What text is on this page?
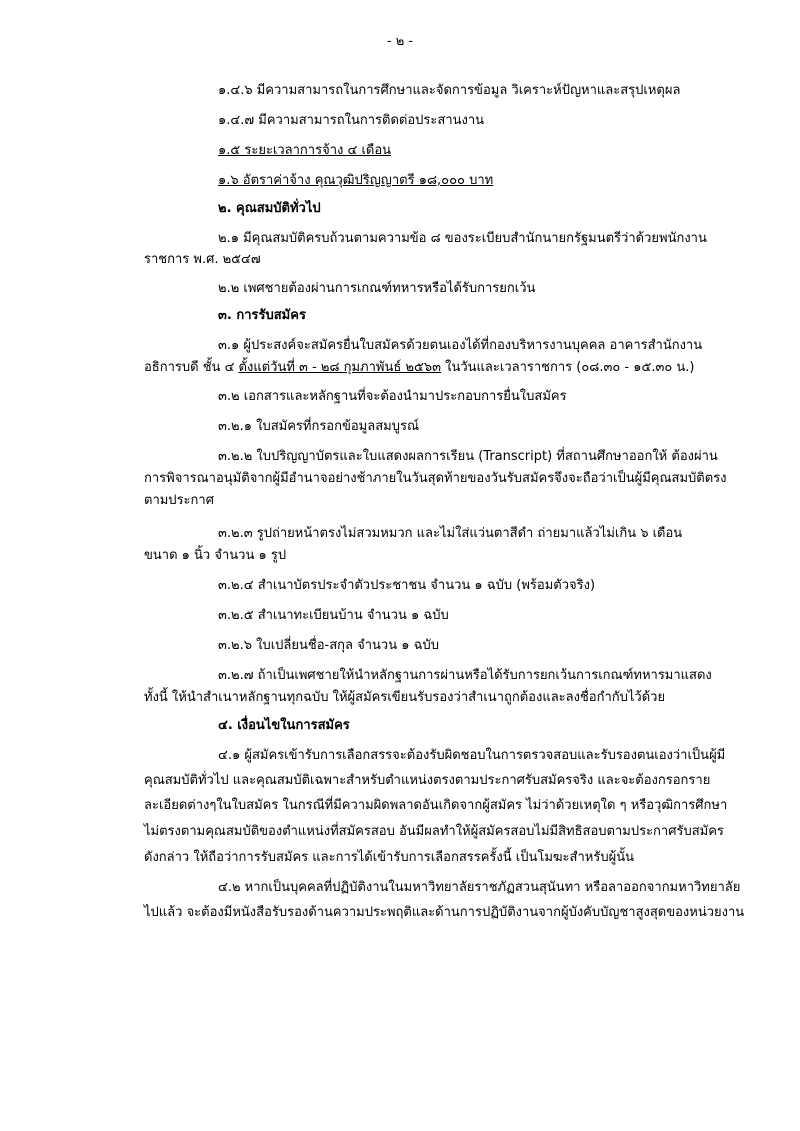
- ๒ -
๑.๔.๖ มีความสามารถในการศึกษาและจัดการข้อมูล วิเคราะห์ปัญหาและสรุปเหตุผล
๑.๔.๗ มีความสามารถในการติดต่อประสานงาน
๑.๕ ระยะเวลาการจ้าง ๔ เดือน
๑.๖ อัตราค่าจ้าง คุณวุฒิปริญญาตรี ๑๘,๐๐๐ บาท
๒. คุณสมบัติทั่วไป
๒.๑ มีคุณสมบัติครบถ้วนตามความข้อ ๘ ของระเบียบสำนักนายกรัฐมนตรีว่าด้วยพนักงาน
ราชการ พ.ศ. ๒๕๔๗
๒.๒ เพศชายต้องผ่านการเกณฑ์ทหารหรือได้รับการยกเว้น
๓. การรับสมัคร
๓.๑ ผู้ประสงค์จะสมัครยื่นใบสมัครด้วยตนเองได้ที่กองบริหารงานบุคคล อาคารสำนักงาน
อธิการบดี ชั้น ๔ ตั้งแต่วันที่ ๓ - ๒๘ กุมภาพันธ์ ๒๕๖๓ ในวันและเวลาราชการ (๐๘.๓๐ - ๑๕.๓๐ น.)
๓.๒ เอกสารและหลักฐานที่จะต้องนำมาประกอบการยื่นใบสมัคร
๓.๒.๑ ใบสมัครที่กรอกข้อมูลสมบูรณ์
๓.๒.๒ ใบปริญญาบัตรและใบแสดงผลการเรียน (Transcript) ที่สถานศึกษาออกให้ ต้องผ่าน
การพิจารณาอนุมัติจากผู้มีอำนาจอย่างช้าภายในวันสุดท้ายของวันรับสมัครจึงจะถือว่าเป็นผู้มีคุณสมบัติตรง
ตามประกาศ
๓.๒.๓ รูปถ่ายหน้าตรงไม่สวมหมวก และไม่ใส่แว่นตาสีดำ ถ่ายมาแล้วไม่เกิน ๖ เดือน
ขนาด ๑ นิ้ว จำนวน ๑ รูป
๓.๒.๔ สำเนาบัตรประจำตัวประชาชน จำนวน ๑ ฉบับ (พร้อมตัวจริง)
๓.๒.๕ สำเนาทะเบียนบ้าน จำนวน ๑ ฉบับ
๓.๒.๖ ใบเปลี่ยนชื่อ-สกุล จำนวน ๑ ฉบับ
๓.๒.๗ ถ้าเป็นเพศชายให้นำหลักฐานการผ่านหรือได้รับการยกเว้นการเกณฑ์ทหารมาแสดง
ทั้งนี้ ให้นำสำเนาหลักฐานทุกฉบับ ให้ผู้สมัครเขียนรับรองว่าสำเนาถูกต้องและลงชื่อกำกับไว้ด้วย
๔. เงื่อนไขในการสมัคร
๔.๑ ผู้สมัครเข้ารับการเลือกสรรจะต้องรับผิดชอบในการตรวจสอบและรับรองตนเองว่าเป็นผู้มี
คุณสมบัติทั่วไป และคุณสมบัติเฉพาะสำหรับตำแหน่งตรงตามประกาศรับสมัครจริง และจะต้องกรอกราย
ละเอียดต่างๆในใบสมัคร ในกรณีที่มีความผิดพลาดอันเกิดจากผู้สมัคร ไม่ว่าด้วยเหตุใด ๆ หรือวุฒิการศึกษา
ไม่ตรงตามคุณสมบัติของตำแหน่งที่สมัครสอบ อันมีผลทำให้ผู้สมัครสอบไม่มีสิทธิสอบตามประกาศรับสมัคร
ดังกล่าว ให้ถือว่าการรับสมัคร และการได้เข้ารับการเลือกสรรครั้งนี้ เป็นโมฆะสำหรับผู้นั้น
๔.๒ หากเป็นบุคคลที่ปฏิบัติงานในมหาวิทยาลัยราชภัฏสวนสุนันทา หรือลาออกจากมหาวิทยาลัย
ไปแล้ว จะต้องมีหนังสือรับรองด้านความประพฤติและด้านการปฏิบัติงานจากผู้บังคับบัญชาสูงสุดของหน่วยงาน
